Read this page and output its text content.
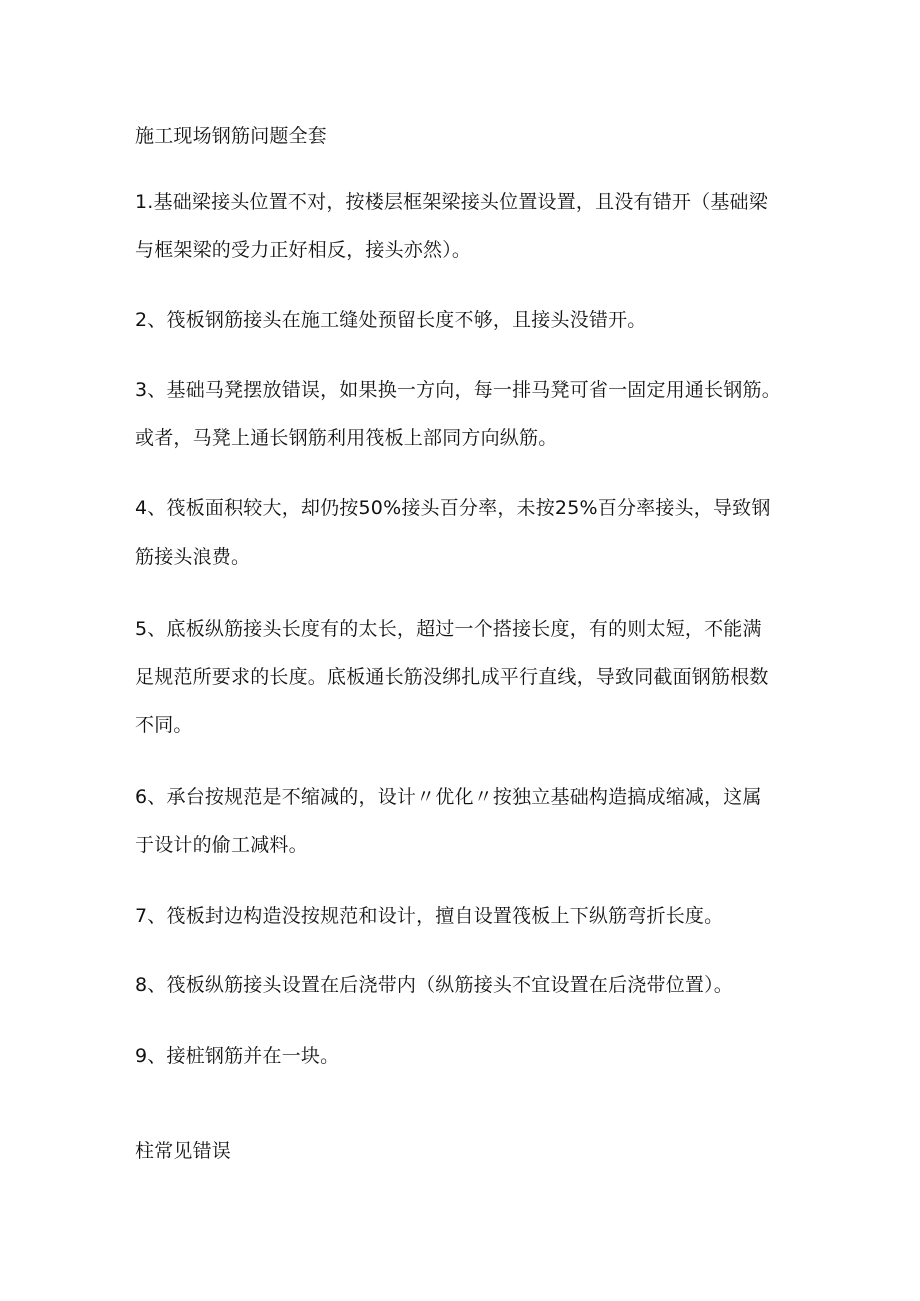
施工现场钢筋问题全套
1.基础梁接头位置不对，按楼层框架梁接头位置设置，且没有错开（基础梁
与框架梁的受力正好相反，接头亦然）。
2、筏板钢筋接头在施工缝处预留长度不够，且接头没错开。
3、基础马凳摆放错误，如果换一方向，每一排马凳可省一固定用通长钢筋。
或者，马凳上通长钢筋利用筏板上部同方向纵筋。
4、筏板面积较大，却仍按50%接头百分率，未按25%百分率接头，导致钢
筋接头浪费。
5、底板纵筋接头长度有的太长，超过一个搭接长度，有的则太短，不能满
足规范所要求的长度。底板通长筋没绑扎成平行直线，导致同截面钢筋根数
不同。
6、承台按规范是不缩减的，设计〃优化〃按独立基础构造搞成缩减，这属
于设计的偷工减料。
7、筏板封边构造没按规范和设计，擅自设置筏板上下纵筋弯折长度。
8、筏板纵筋接头设置在后浇带内（纵筋接头不宜设置在后浇带位置）。
9、接桩钢筋并在一块。
柱常见错误
